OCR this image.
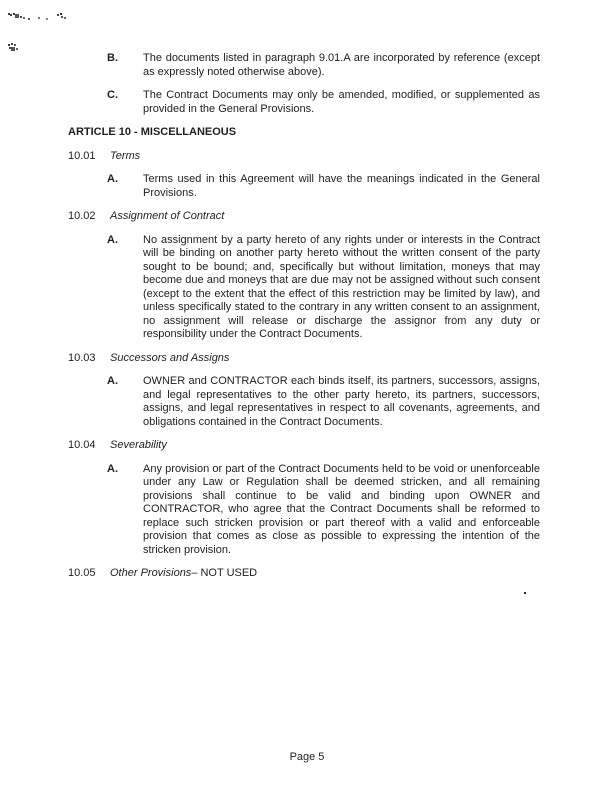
B.	The documents listed in paragraph 9.01.A are incorporated by reference (except as expressly noted otherwise above).
C.	The Contract Documents may only be amended, modified, or supplemented as provided in the General Provisions.
ARTICLE 10 - MISCELLANEOUS
10.01	Terms
A.	Terms used in this Agreement will have the meanings indicated in the General Provisions.
10.02	Assignment of Contract
A.	No assignment by a party hereto of any rights under or interests in the Contract will be binding on another party hereto without the written consent of the party sought to be bound; and, specifically but without limitation, moneys that may become due and moneys that are due may not be assigned without such consent (except to the extent that the effect of this restriction may be limited by law), and unless specifically stated to the contrary in any written consent to an assignment, no assignment will release or discharge the assignor from any duty or responsibility under the Contract Documents.
10.03	Successors and Assigns
A.	OWNER and CONTRACTOR each binds itself, its partners, successors, assigns, and legal representatives to the other party hereto, its partners, successors, assigns, and legal representatives in respect to all covenants, agreements, and obligations contained in the Contract Documents.
10.04	Severability
A.	Any provision or part of the Contract Documents held to be void or unenforceable under any Law or Regulation shall be deemed stricken, and all remaining provisions shall continue to be valid and binding upon OWNER and CONTRACTOR, who agree that the Contract Documents shall be reformed to replace such stricken provision or part thereof with a valid and enforceable provision that comes as close as possible to expressing the intention of the stricken provision.
10.05	Other Provisions – NOT USED
Page 5
